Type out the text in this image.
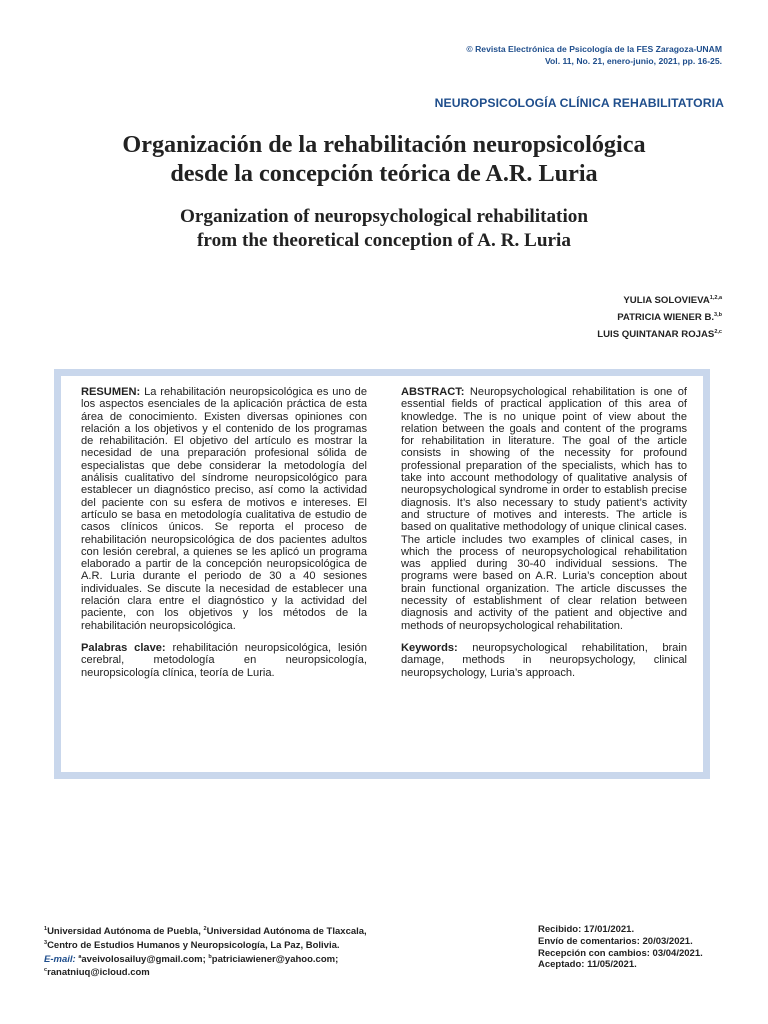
© Revista Electrónica de Psicología de la FES Zaragoza-UNAM
Vol. 11, No. 21, enero-junio, 2021, pp. 16-25.
NEUROPSICOLOGÍA CLÍNICA REHABILITATORIA
Organización de la rehabilitación neuropsicológica
desde la concepción teórica de A.R. Luria
Organization of neuropsychological rehabilitation
from the theoretical conception of A. R. Luria
YULIA SOLOVIEVA$^{1,2,a}$
PATRICIA WIENER B.$^{3,b}$
LUIS QUINTANAR ROJAS$^{2,c}$

RESUMEN: La rehabilitación neuropsicológica es uno de los aspectos esenciales de la aplicación práctica de esta área de conocimiento. Existen diversas opiniones con relación a los objetivos y el contenido de los programas de rehabilitación. El objetivo del artículo es mostrar la necesidad de una preparación profesional sólida de especialistas que debe considerar la metodología del análisis cualitativo del síndrome neuropsicológico para establecer un diagnóstico preciso, así como la actividad del paciente con su esfera de motivos e intereses. El artículo se basa en metodología cualitativa de estudio de casos clínicos únicos. Se reporta el proceso de rehabilitación neuropsicológica de dos pacientes adultos con lesión cerebral, a quienes se les aplicó un programa elaborado a partir de la concepción neuropsicológica de A.R. Luria durante el periodo de 30 a 40 sesiones individuales. Se discute la necesidad de establecer una relación clara entre el diagnóstico y la actividad del paciente, con los objetivos y los métodos de la rehabilitación neuropsicológica.

Palabras clave: rehabilitación neuropsicológica, lesión cerebral, metodología en neuropsicología, neuropsicología clínica, teoría de Luria.

ABSTRACT: Neuropsychological rehabilitation is one of essential fields of practical application of this area of knowledge. The is no unique point of view about the relation between the goals and content of the programs for rehabilitation in literature. The goal of the article consists in showing of the necessity for profound professional preparation of the specialists, which has to take into account methodology of qualitative analysis of neuropsychological syndrome in order to establish precise diagnosis. It’s also necessary to study patient’s activity and structure of motives and interests. The article is based on qualitative methodology of unique clinical cases. The article includes two examples of clinical cases, in which the process of neuropsychological rehabilitation was applied during 30-40 individual sessions. The programs were based on A.R. Luria’s conception about brain functional organization. The article discusses the necessity of establishment of clear relation between diagnosis and activity of the patient and objective and methods of neuropsychological rehabilitation.

Keywords: neuropsychological rehabilitation, brain damage, methods in neuropsychology, clinical neuropsychology, Luria’s approach.

$^1$Universidad Autónoma de Puebla, $^2$Universidad Autónoma de Tlaxcala,
$^3$Centro de Estudios Humanos y Neuropsicología, La Paz, Bolivia.
E-mail: $^a$aveivolosailuy@gmail.com; $^b$patriciawiener@yahoo.com;
$^c$ranatniuq@icloud.com
Recibido: 17/01/2021.
Envío de comentarios: 20/03/2021.
Recepción con cambios: 03/04/2021.
Aceptado: 11/05/2021.
